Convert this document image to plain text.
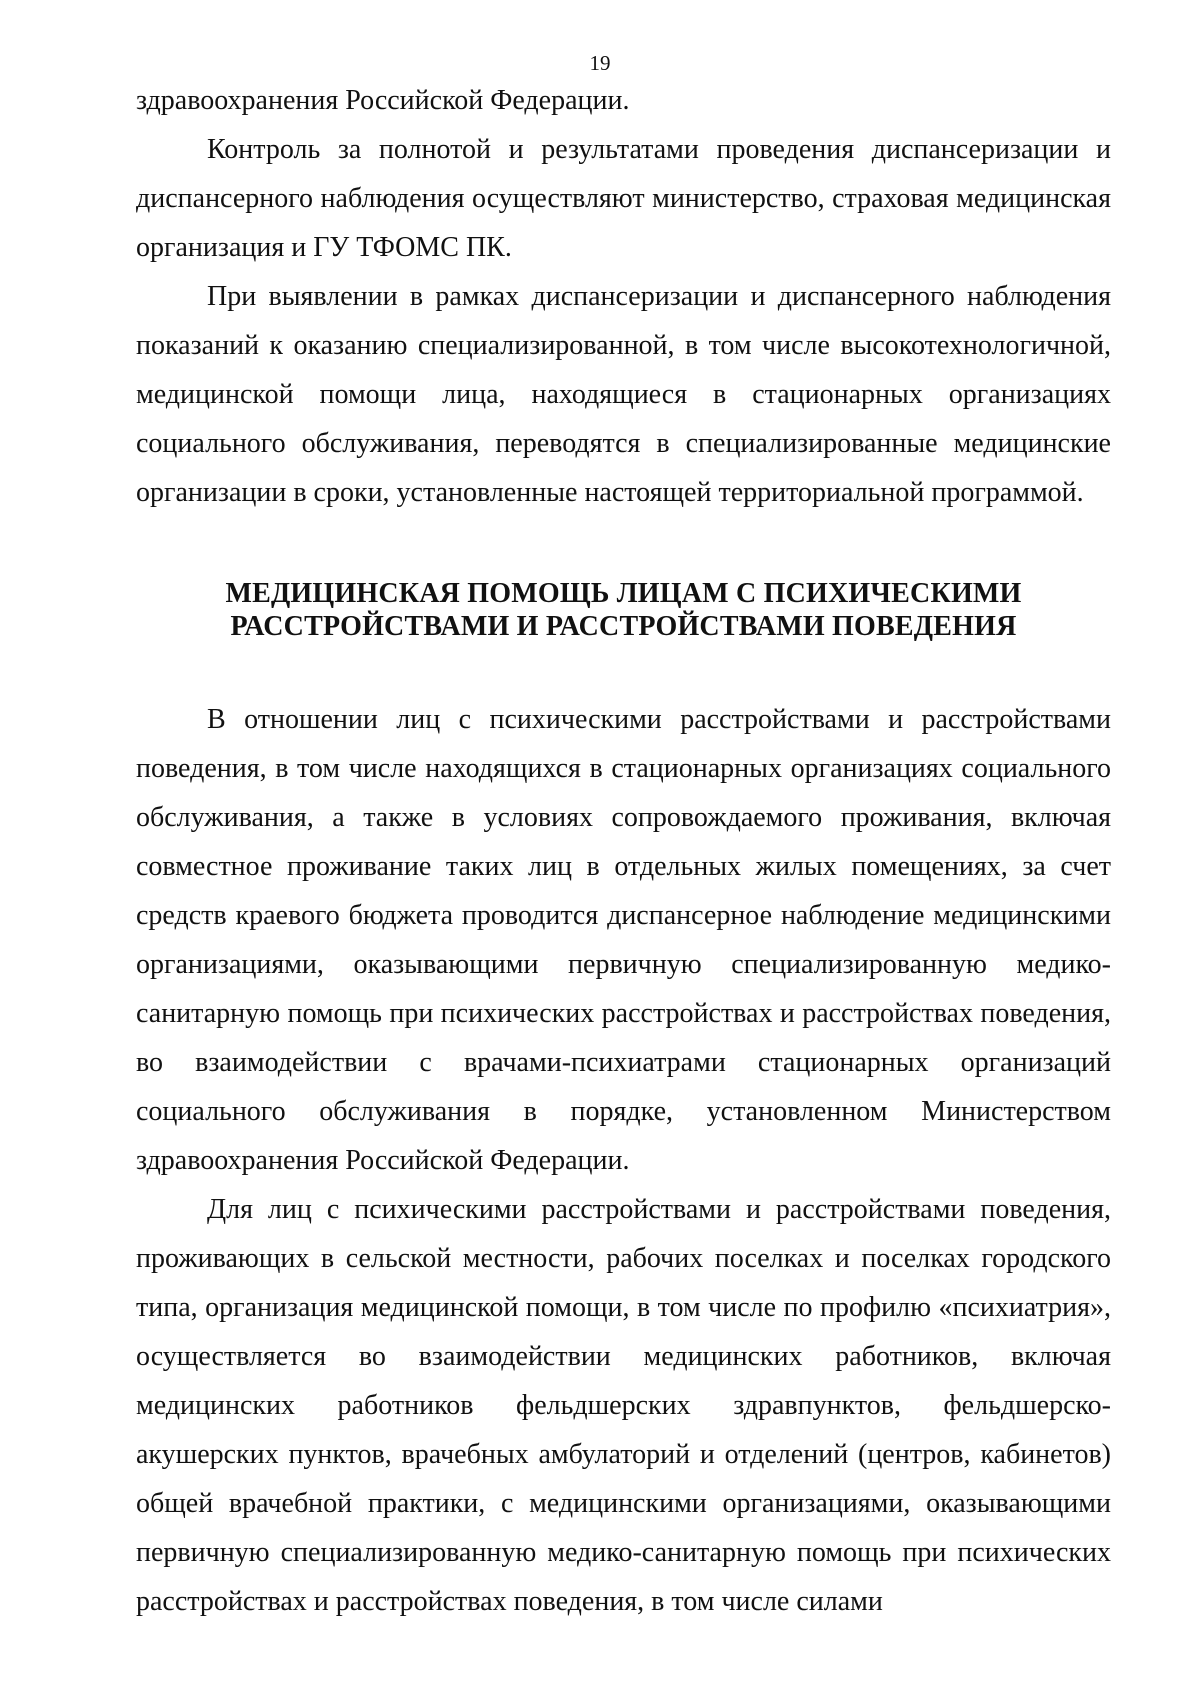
19

здравоохранения Российской Федерации.

Контроль за полнотой и результатами проведения диспансеризации и диспансерного наблюдения осуществляют министерство, страховая медицинская организация и ГУ ТФОМС ПК.

При выявлении в рамках диспансеризации и диспансерного наблюдения показаний к оказанию специализированной, в том числе высокотехнологичной, медицинской помощи лица, находящиеся в стационарных организациях социального обслуживания, переводятся в специализированные медицинские организации в сроки, установленные настоящей территориальной программой.

МЕДИЦИНСКАЯ ПОМОЩЬ ЛИЦАМ С ПСИХИЧЕСКИМИ
РАССТРОЙСТВАМИ И РАССТРОЙСТВАМИ ПОВЕДЕНИЯ

В отношении лиц с психическими расстройствами и расстройствами поведения, в том числе находящихся в стационарных организациях социального обслуживания, а также в условиях сопровождаемого проживания, включая совместное проживание таких лиц в отдельных жилых помещениях, за счет средств краевого бюджета проводится диспансерное наблюдение медицинскими организациями, оказывающими первичную специализированную медико-санитарную помощь при психических расстройствах и расстройствах поведения, во взаимодействии с врачами-психиатрами стационарных организаций социального обслуживания в порядке, установленном Министерством здравоохранения Российской Федерации.

Для лиц с психическими расстройствами и расстройствами поведения, проживающих в сельской местности, рабочих поселках и поселках городского типа, организация медицинской помощи, в том числе по профилю «психиатрия», осуществляется во взаимодействии медицинских работников, включая медицинских работников фельдшерских здравпунктов, фельдшерско-акушерских пунктов, врачебных амбулаторий и отделений (центров, кабинетов) общей врачебной практики, с медицинскими организациями, оказывающими первичную специализированную медико-санитарную помощь при психических расстройствах и расстройствах поведения, в том числе силами
